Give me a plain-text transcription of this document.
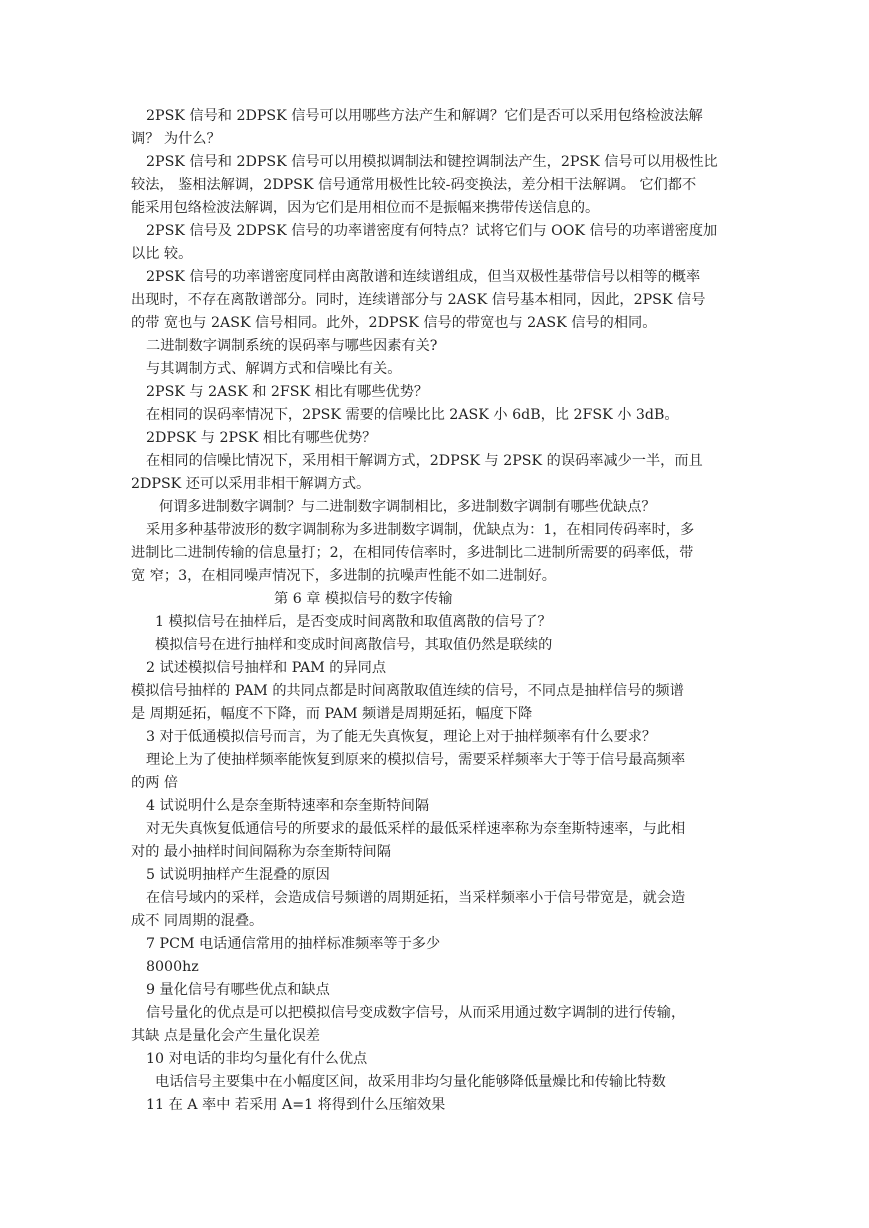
2PSK 信号和 2DPSK 信号可以用哪些方法产生和解调？它们是否可以采用包络检波法解
调？ 为什么？
2PSK 信号和 2DPSK 信号可以用模拟调制法和键控调制法产生，2PSK 信号可以用极性比
较法， 鉴相法解调，2DPSK 信号通常用极性比较-码变换法，差分相干法解调。 它们都不
能采用包络检波法解调，因为它们是用相位而不是振幅来携带传送信息的。
2PSK 信号及 2DPSK 信号的功率谱密度有何特点？试将它们与 OOK 信号的功率谱密度加
以比 较。
2PSK 信号的功率谱密度同样由离散谱和连续谱组成，但当双极性基带信号以相等的概率
出现时，不存在离散谱部分。同时，连续谱部分与 2ASK 信号基本相同，因此，2PSK 信号
的带 宽也与 2ASK 信号相同。此外，2DPSK 信号的带宽也与 2ASK 信号的相同。
二进制数字调制系统的误码率与哪些因素有关?
与其调制方式、解调方式和信噪比有关。
2PSK 与 2ASK 和 2FSK 相比有哪些优势？
在相同的误码率情况下，2PSK 需要的信噪比比 2ASK 小 6dB，比 2FSK 小 3dB。
2DPSK 与 2PSK 相比有哪些优势？
在相同的信噪比情况下，采用相干解调方式，2DPSK 与 2PSK 的误码率减少一半，而且
2DPSK 还可以采用非相干解调方式。
何谓多进制数字调制？与二进制数字调制相比，多进制数字调制有哪些优缺点？
采用多种基带波形的数字调制称为多进制数字调制，优缺点为：1，在相同传码率时，多
进制比二进制传输的信息量打；2，在相同传信率时，多进制比二进制所需要的码率低，带
宽 窄；3，在相同噪声情况下，多进制的抗噪声性能不如二进制好。
第 6 章 模拟信号的数字传输
1 模拟信号在抽样后，是否变成时间离散和取值离散的信号了？
模拟信号在进行抽样和变成时间离散信号，其取值仍然是联续的
2 试述模拟信号抽样和 PAM 的异同点
模拟信号抽样的 PAM 的共同点都是时间离散取值连续的信号，不同点是抽样信号的频谱
是 周期延拓，幅度不下降，而 PAM 频谱是周期延拓，幅度下降
3 对于低通模拟信号而言，为了能无失真恢复，理论上对于抽样频率有什么要求？
理论上为了使抽样频率能恢复到原来的模拟信号，需要采样频率大于等于信号最高频率
的两 倍
4 试说明什么是奈奎斯特速率和奈奎斯特间隔
对无失真恢复低通信号的所要求的最低采样的最低采样速率称为奈奎斯特速率，与此相
对的 最小抽样时间间隔称为奈奎斯特间隔
5 试说明抽样产生混叠的原因
在信号域内的采样，会造成信号频谱的周期延拓，当采样频率小于信号带宽是，就会造
成不 同周期的混叠。
7 PCM 电话通信常用的抽样标准频率等于多少
8000hz
9 量化信号有哪些优点和缺点
信号量化的优点是可以把模拟信号变成数字信号，从而采用通过数字调制的进行传输，
其缺 点是量化会产生量化误差
10 对电话的非均匀量化有什么优点
电话信号主要集中在小幅度区间，故采用非均匀量化能够降低量燥比和传输比特数
11 在 A 率中 若采用 A=1 将得到什么压缩效果
